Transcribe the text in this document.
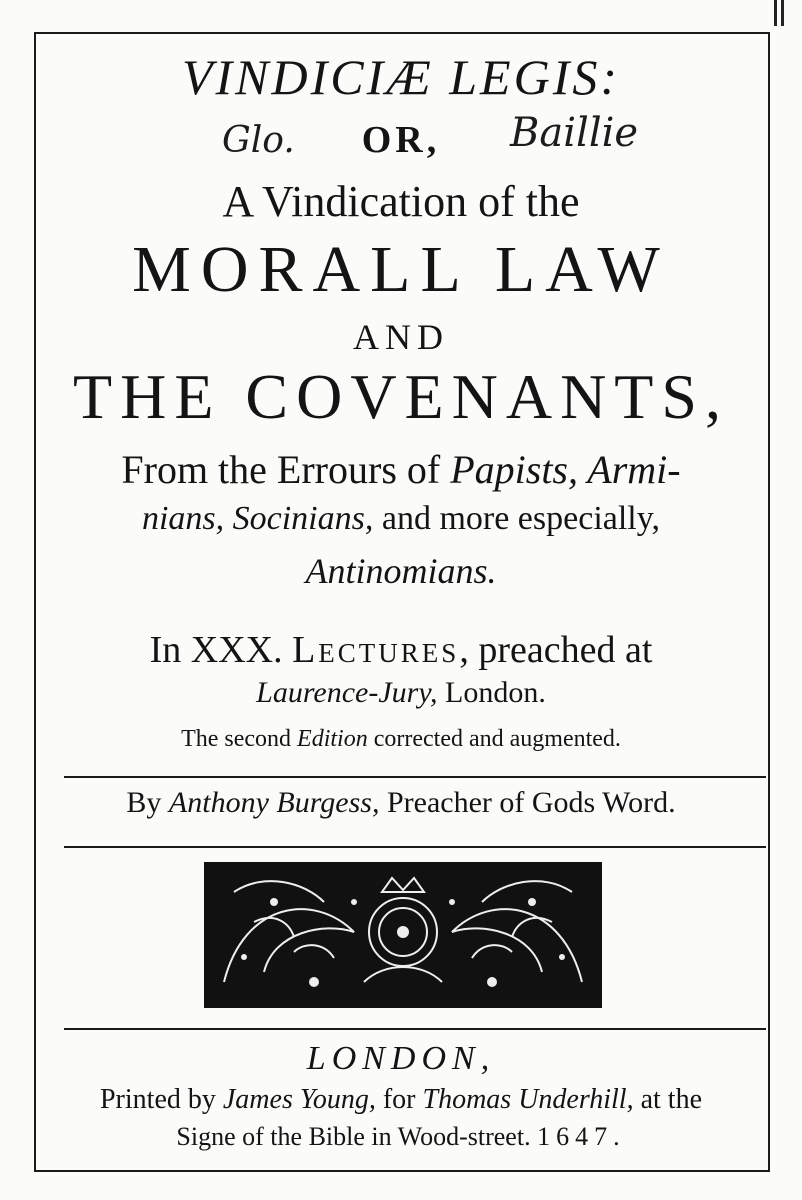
VINDICIÆ LEGIS:
Glo.	OR,	Baillie
A Vindication of the
MORALL LAW
AND
THE COVENANTS,
From the Errours of Papists, Armi-
nians, Socinians, and more especially,
Antinomians.
In XXX. Lectures, preached at
Laurence-Jury, London.
The second Edition corrected and augmented.
By Anthony Burgess, Preacher of Gods Word.
LONDON,
Printed by James Young, for Thomas Underhill, at the
Signe of the Bible in Wood-street. 1647.
